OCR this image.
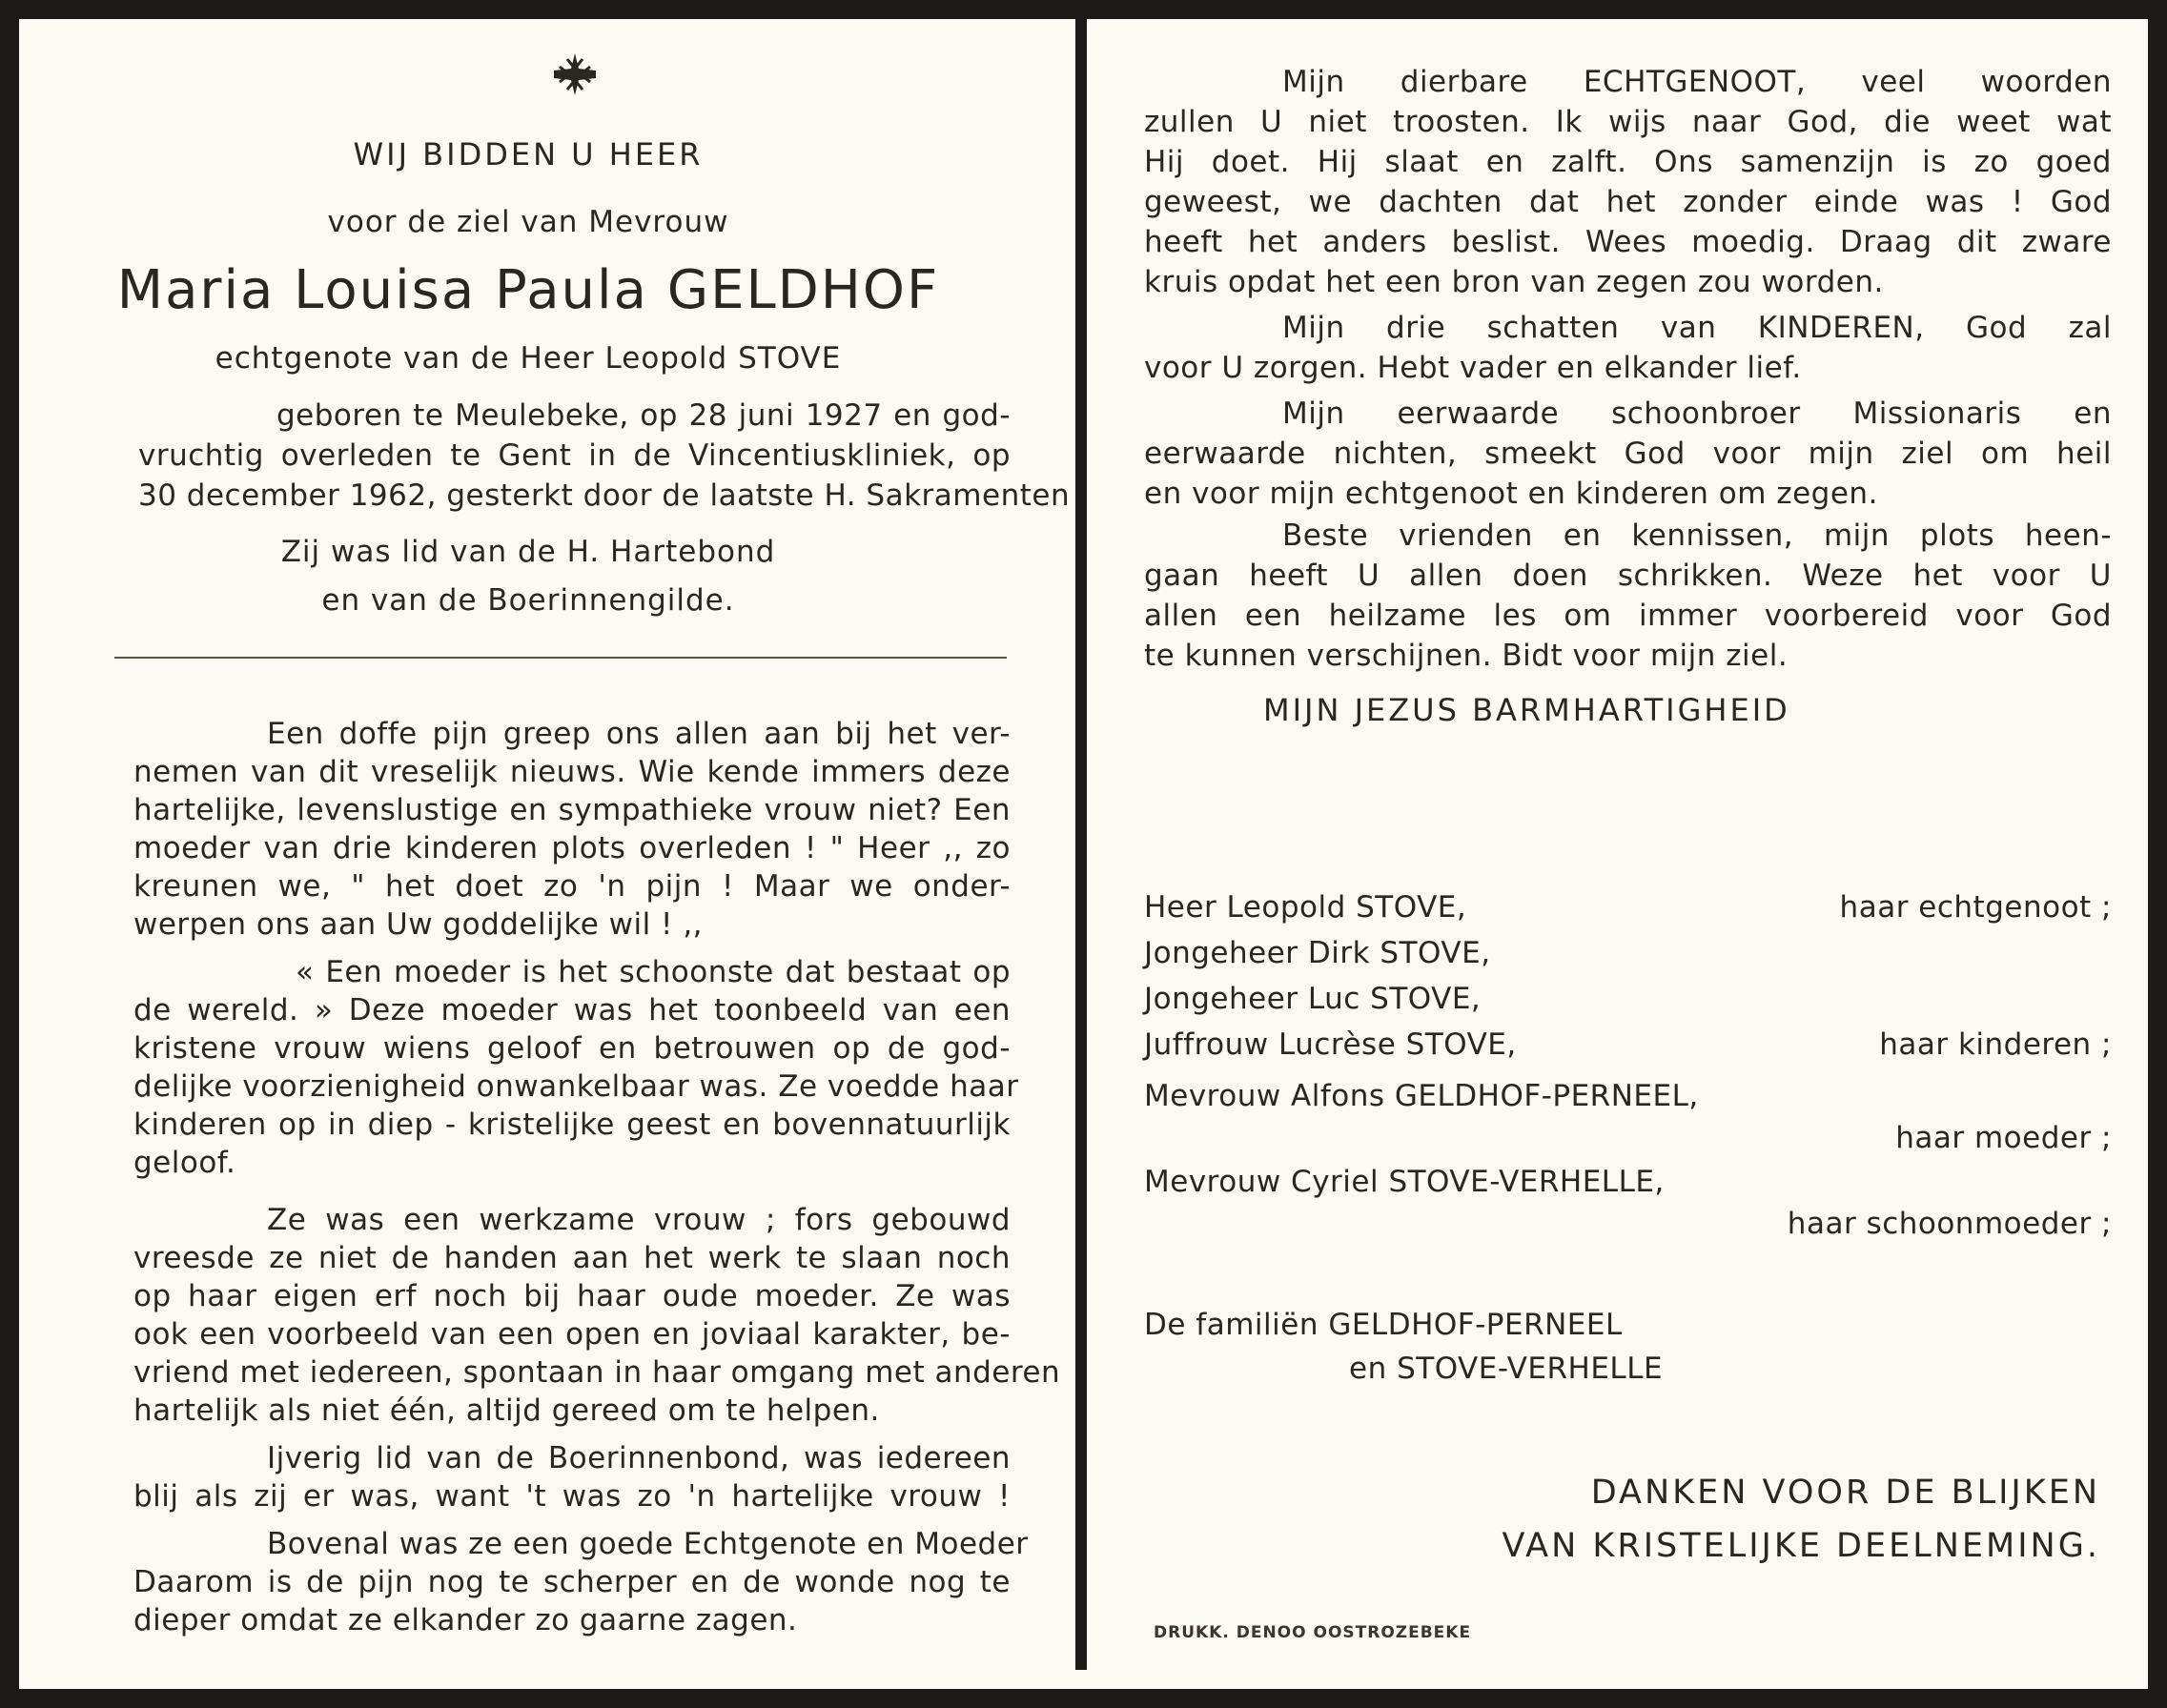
WIJ BIDDEN U HEER
voor de ziel van Mevrouw
Maria Louisa Paula GELDHOF
echtgenote van de Heer Leopold STOVE
geboren te Meulebeke, op 28 juni 1927 en god-
vruchtig overleden te Gent in de Vincentiuskliniek, op
30 december 1962, gesterkt door de laatste H. Sakramenten
Zij was lid van de H. Hartebond
en van de Boerinnengilde.
Een doffe pijn greep ons allen aan bij het ver-
nemen van dit vreselijk nieuws. Wie kende immers deze
hartelijke, levenslustige en sympathieke vrouw niet? Een
moeder van drie kinderen plots overleden ! " Heer ,, zo
kreunen we, " het doet zo 'n pijn ! Maar we onder-
werpen ons aan Uw goddelijke wil ! ,,
« Een moeder is het schoonste dat bestaat op
de wereld. » Deze moeder was het toonbeeld van een
kristene vrouw wiens geloof en betrouwen op de god-
delijke voorzienigheid onwankelbaar was. Ze voedde haar
kinderen op in diep - kristelijke geest en bovennatuurlijk
geloof.
Ze was een werkzame vrouw ; fors gebouwd
vreesde ze niet de handen aan het werk te slaan noch
op haar eigen erf noch bij haar oude moeder. Ze was
ook een voorbeeld van een open en joviaal karakter, be-
vriend met iedereen, spontaan in haar omgang met anderen
hartelijk als niet één, altijd gereed om te helpen.
Ijverig lid van de Boerinnenbond, was iedereen
blij als zij er was, want 't was zo 'n hartelijke vrouw !
Bovenal was ze een goede Echtgenote en Moeder
Daarom is de pijn nog te scherper en de wonde nog te
dieper omdat ze elkander zo gaarne zagen.
Mijn dierbare ECHTGENOOT, veel woorden
zullen U niet troosten. Ik wijs naar God, die weet wat
Hij doet. Hij slaat en zalft. Ons samenzijn is zo goed
geweest, we dachten dat het zonder einde was ! God
heeft het anders beslist. Wees moedig. Draag dit zware
kruis opdat het een bron van zegen zou worden.
Mijn drie schatten van KINDEREN, God zal
voor U zorgen. Hebt vader en elkander lief.
Mijn eerwaarde schoonbroer Missionaris en
eerwaarde nichten, smeekt God voor mijn ziel om heil
en voor mijn echtgenoot en kinderen om zegen.
Beste vrienden en kennissen, mijn plots heen-
gaan heeft U allen doen schrikken. Weze het voor U
allen een heilzame les om immer voorbereid voor God
te kunnen verschijnen. Bidt voor mijn ziel.
MIJN JEZUS BARMHARTIGHEID
Heer Leopold STOVE,	haar echtgenoot ;
Jongeheer Dirk STOVE,
Jongeheer Luc STOVE,
Juffrouw Lucrèse STOVE,	haar kinderen ;
Mevrouw Alfons GELDHOF-PERNEEL,
haar moeder ;
Mevrouw Cyriel STOVE-VERHELLE,
haar schoonmoeder ;
De familiën GELDHOF-PERNEEL
en STOVE-VERHELLE
DANKEN VOOR DE BLIJKEN
VAN KRISTELIJKE DEELNEMING.
DRUKK. DENOO OOSTROZEBEKE
